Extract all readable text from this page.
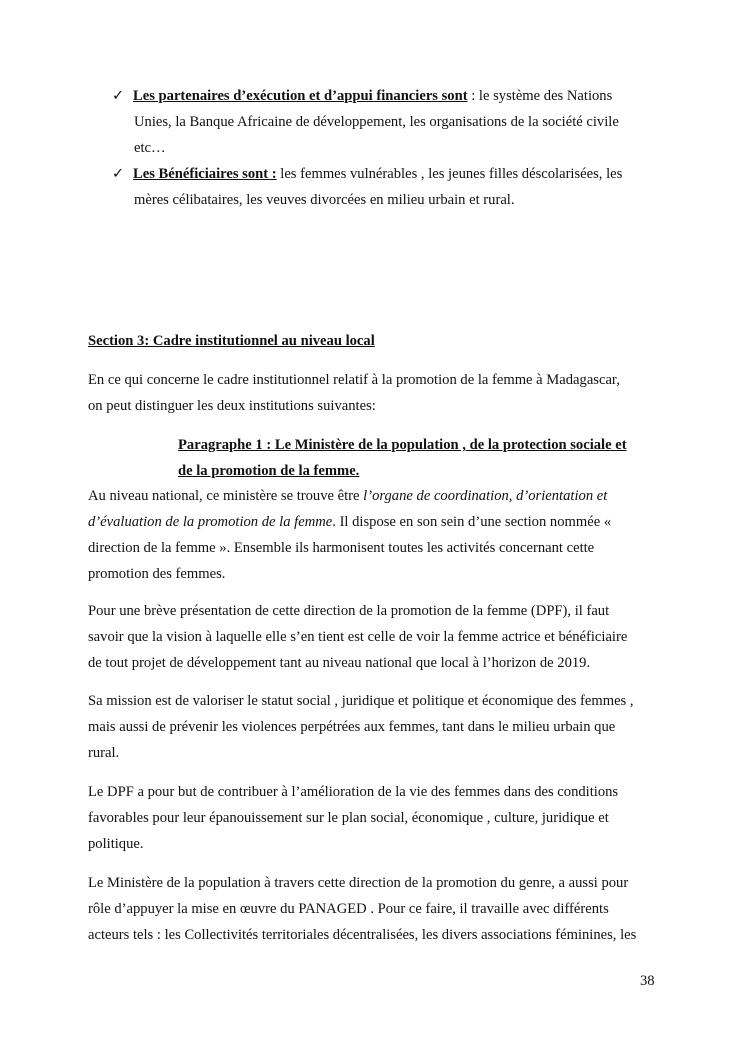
✓ Les partenaires d’exécution et d’appui financiers sont : le système des Nations
Unies, la Banque Africaine de développement, les organisations de la société civile
etc…
✓ Les Bénéficiaires sont : les femmes vulnérables , les jeunes filles déscolarisées, les
mères célibataires, les veuves divorcées en milieu urbain et rural.
Section 3: Cadre institutionnel au niveau local
En ce qui concerne le cadre institutionnel relatif à la promotion de la femme à Madagascar,
on peut distinguer les deux institutions suivantes:
Paragraphe 1 : Le Ministère de la population , de la protection sociale et
de la promotion de la femme.
Au niveau national, ce ministère se trouve être l’organe de coordination, d’orientation et
d’évaluation de la promotion de la femme. Il dispose en son sein d’une section nommée «
direction de la femme ». Ensemble ils harmonisent toutes les activités concernant cette
promotion des femmes.
Pour une brève présentation de cette direction de la promotion de la femme (DPF), il faut
savoir que la vision à laquelle elle s’en tient est celle de voir la femme actrice et bénéficiaire
de tout projet de développement tant au niveau national que local à l’horizon de 2019.
Sa mission est de valoriser le statut social , juridique et politique et économique des femmes ,
mais aussi de prévenir les violences perpétrées aux femmes, tant dans le milieu urbain que
rural.
Le DPF a pour but de contribuer à l’amélioration de la vie des femmes dans des conditions
favorables pour leur épanouissement sur le plan social, économique , culture, juridique et
politique.
Le Ministère de la population à travers cette direction de la promotion du genre, a aussi pour
rôle d’appuyer la mise en œuvre du PANAGED . Pour ce faire, il travaille avec différents
acteurs tels : les Collectivités territoriales décentralisées, les divers associations féminines, les
38
